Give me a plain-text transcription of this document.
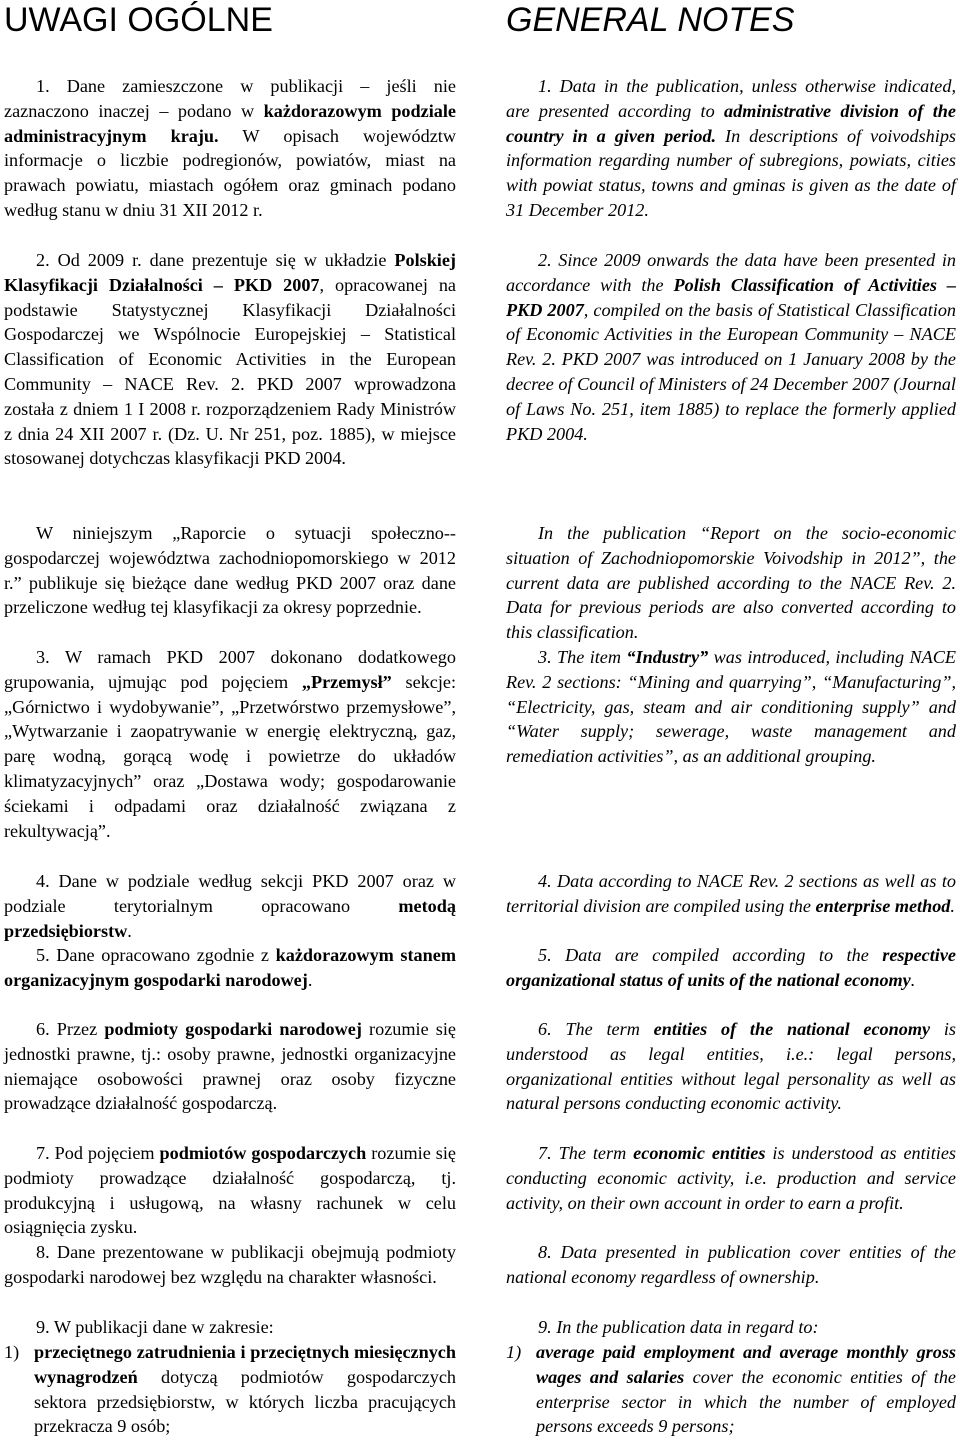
UWAGI OGÓLNE

1. Dane zamieszczone w publikacji – jeśli nie zaznaczono inaczej – podano w każdorazowym podziale administracyjnym kraju. W opisach województw informacje o liczbie podregionów, powiatów, miast na prawach powiatu, miastach ogółem oraz gminach podano według stanu w dniu 31 XII 2012 r.

2. Od 2009 r. dane prezentuje się w układzie Polskiej Klasyfikacji Działalności – PKD 2007, opracowanej na podstawie Statystycznej Klasyfikacji Działalności Gospodarczej we Wspólnocie Europejskiej – Statistical Classification of Economic Activities in the European Community – NACE Rev. 2. PKD 2007 wprowadzona została z dniem 1 I 2008 r. rozporządzeniem Rady Ministrów z dnia 24 XII 2007 r. (Dz. U. Nr 251, poz. 1885), w miejsce stosowanej dotychczas klasyfikacji PKD 2004.

W niniejszym „Raporcie o sytuacji społeczno--gospodarczej województwa zachodniopomorskiego w 2012 r.” publikuje się bieżące dane według PKD 2007 oraz dane przeliczone według tej klasyfikacji za okresy poprzednie.

3. W ramach PKD 2007 dokonano dodatkowego grupowania, ujmując pod pojęciem „Przemysł” sekcje: „Górnictwo i wydobywanie”, „Przetwórstwo przemysłowe”, „Wytwarzanie i zaopatrywanie w energię elektryczną, gaz, parę wodną, gorącą wodę i powietrze do układów klimatyzacyjnych” oraz „Dostawa wody; gospodarowanie ściekami i odpadami oraz działalność związana z rekultywacją”.

4. Dane w podziale według sekcji PKD 2007 oraz w podziale terytorialnym opracowano metodą przedsiębiorstw.

5. Dane opracowano zgodnie z każdorazowym stanem organizacyjnym gospodarki narodowej.

6. Przez podmioty gospodarki narodowej rozumie się jednostki prawne, tj.: osoby prawne, jednostki organizacyjne niemające osobowości prawnej oraz osoby fizyczne prowadzące działalność gospodarczą.

7. Pod pojęciem podmiotów gospodarczych rozumie się podmioty prowadzące działalność gospodarczą, tj. produkcyjną i usługową, na własny rachunek w celu osiągnięcia zysku.

8. Dane prezentowane w publikacji obejmują podmioty gospodarki narodowej bez względu na charakter własności.

9. W publikacji dane w zakresie:

1) przeciętnego zatrudnienia i przeciętnych miesięcznych wynagrodzeń dotyczą podmiotów gospodarczych sektora przedsiębiorstw, w których liczba pracujących przekracza 9 osób;

GENERAL NOTES

1. Data in the publication, unless otherwise indicated, are presented according to administrative division of the country in a given period. In descriptions of voivodships information regarding number of subregions, powiats, cities with powiat status, towns and gminas is given as the date of 31 December 2012.

2. Since 2009 onwards the data have been presented in accordance with the Polish Classification of Activities – PKD 2007, compiled on the basis of Statistical Classification of Economic Activities in the European Community – NACE Rev. 2. PKD 2007 was introduced on 1 January 2008 by the decree of Council of Ministers of 24 December 2007 (Journal of Laws No. 251, item 1885) to replace the formerly applied PKD 2004.

In the publication “Report on the socio-economic situation of Zachodniopomorskie Voivodship in 2012”, the current data are published according to the NACE Rev. 2. Data for previous periods are also converted according to this classification.

3. The item “Industry” was introduced, including NACE Rev. 2 sections: “Mining and quarrying”, “Manufacturing”, “Electricity, gas, steam and air conditioning supply” and “Water supply; sewerage, waste management and remediation activities”, as an additional grouping.

4. Data according to NACE Rev. 2 sections as well as to territorial division are compiled using the enterprise method.

5. Data are compiled according to the respective organizational status of units of the national economy.

6. The term entities of the national economy is understood as legal entities, i.e.: legal persons, organizational entities without legal personality as well as natural persons conducting economic activity.

7. The term economic entities is understood as entities conducting economic activity, i.e. production and service activity, on their own account in order to earn a profit.

8. Data presented in publication cover entities of the national economy regardless of ownership.

9. In the publication data in regard to:

1) average paid employment and average monthly gross wages and salaries cover the economic entities of the enterprise sector in which the number of employed persons exceeds 9 persons;
